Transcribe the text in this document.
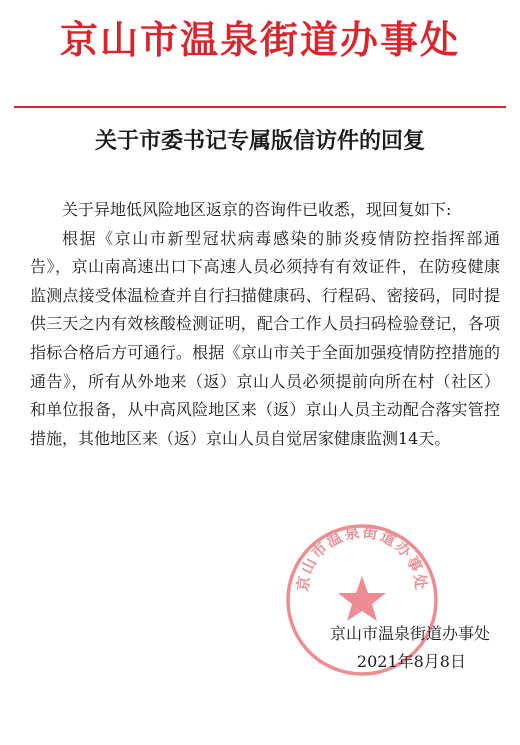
京山市温泉街道办事处
关于市委书记专属版信访件的回复

关于异地低风险地区返京的咨询件已收悉，现回复如下:

根据《京山市新型冠状病毒感染的肺炎疫情防控指挥部通告》，京山南高速出口下高速人员必须持有有效证件，在防疫健康监测点接受体温检查并自行扫描健康码、行程码、密接码，同时提供三天之内有效核酸检测证明，配合工作人员扫码检验登记，各项指标合格后方可通行。根据《京山市关于全面加强疫情防控措施的通告》，所有从外地来（返）京山人员必须提前向所在村（社区）和单位报备，从中高风险地区来（返）京山人员主动配合落实管控措施，其他地区来（返）京山人员自觉居家健康监测14天。

京山市温泉街道办事处
京山市温泉街道办事处
2021年8月8日
